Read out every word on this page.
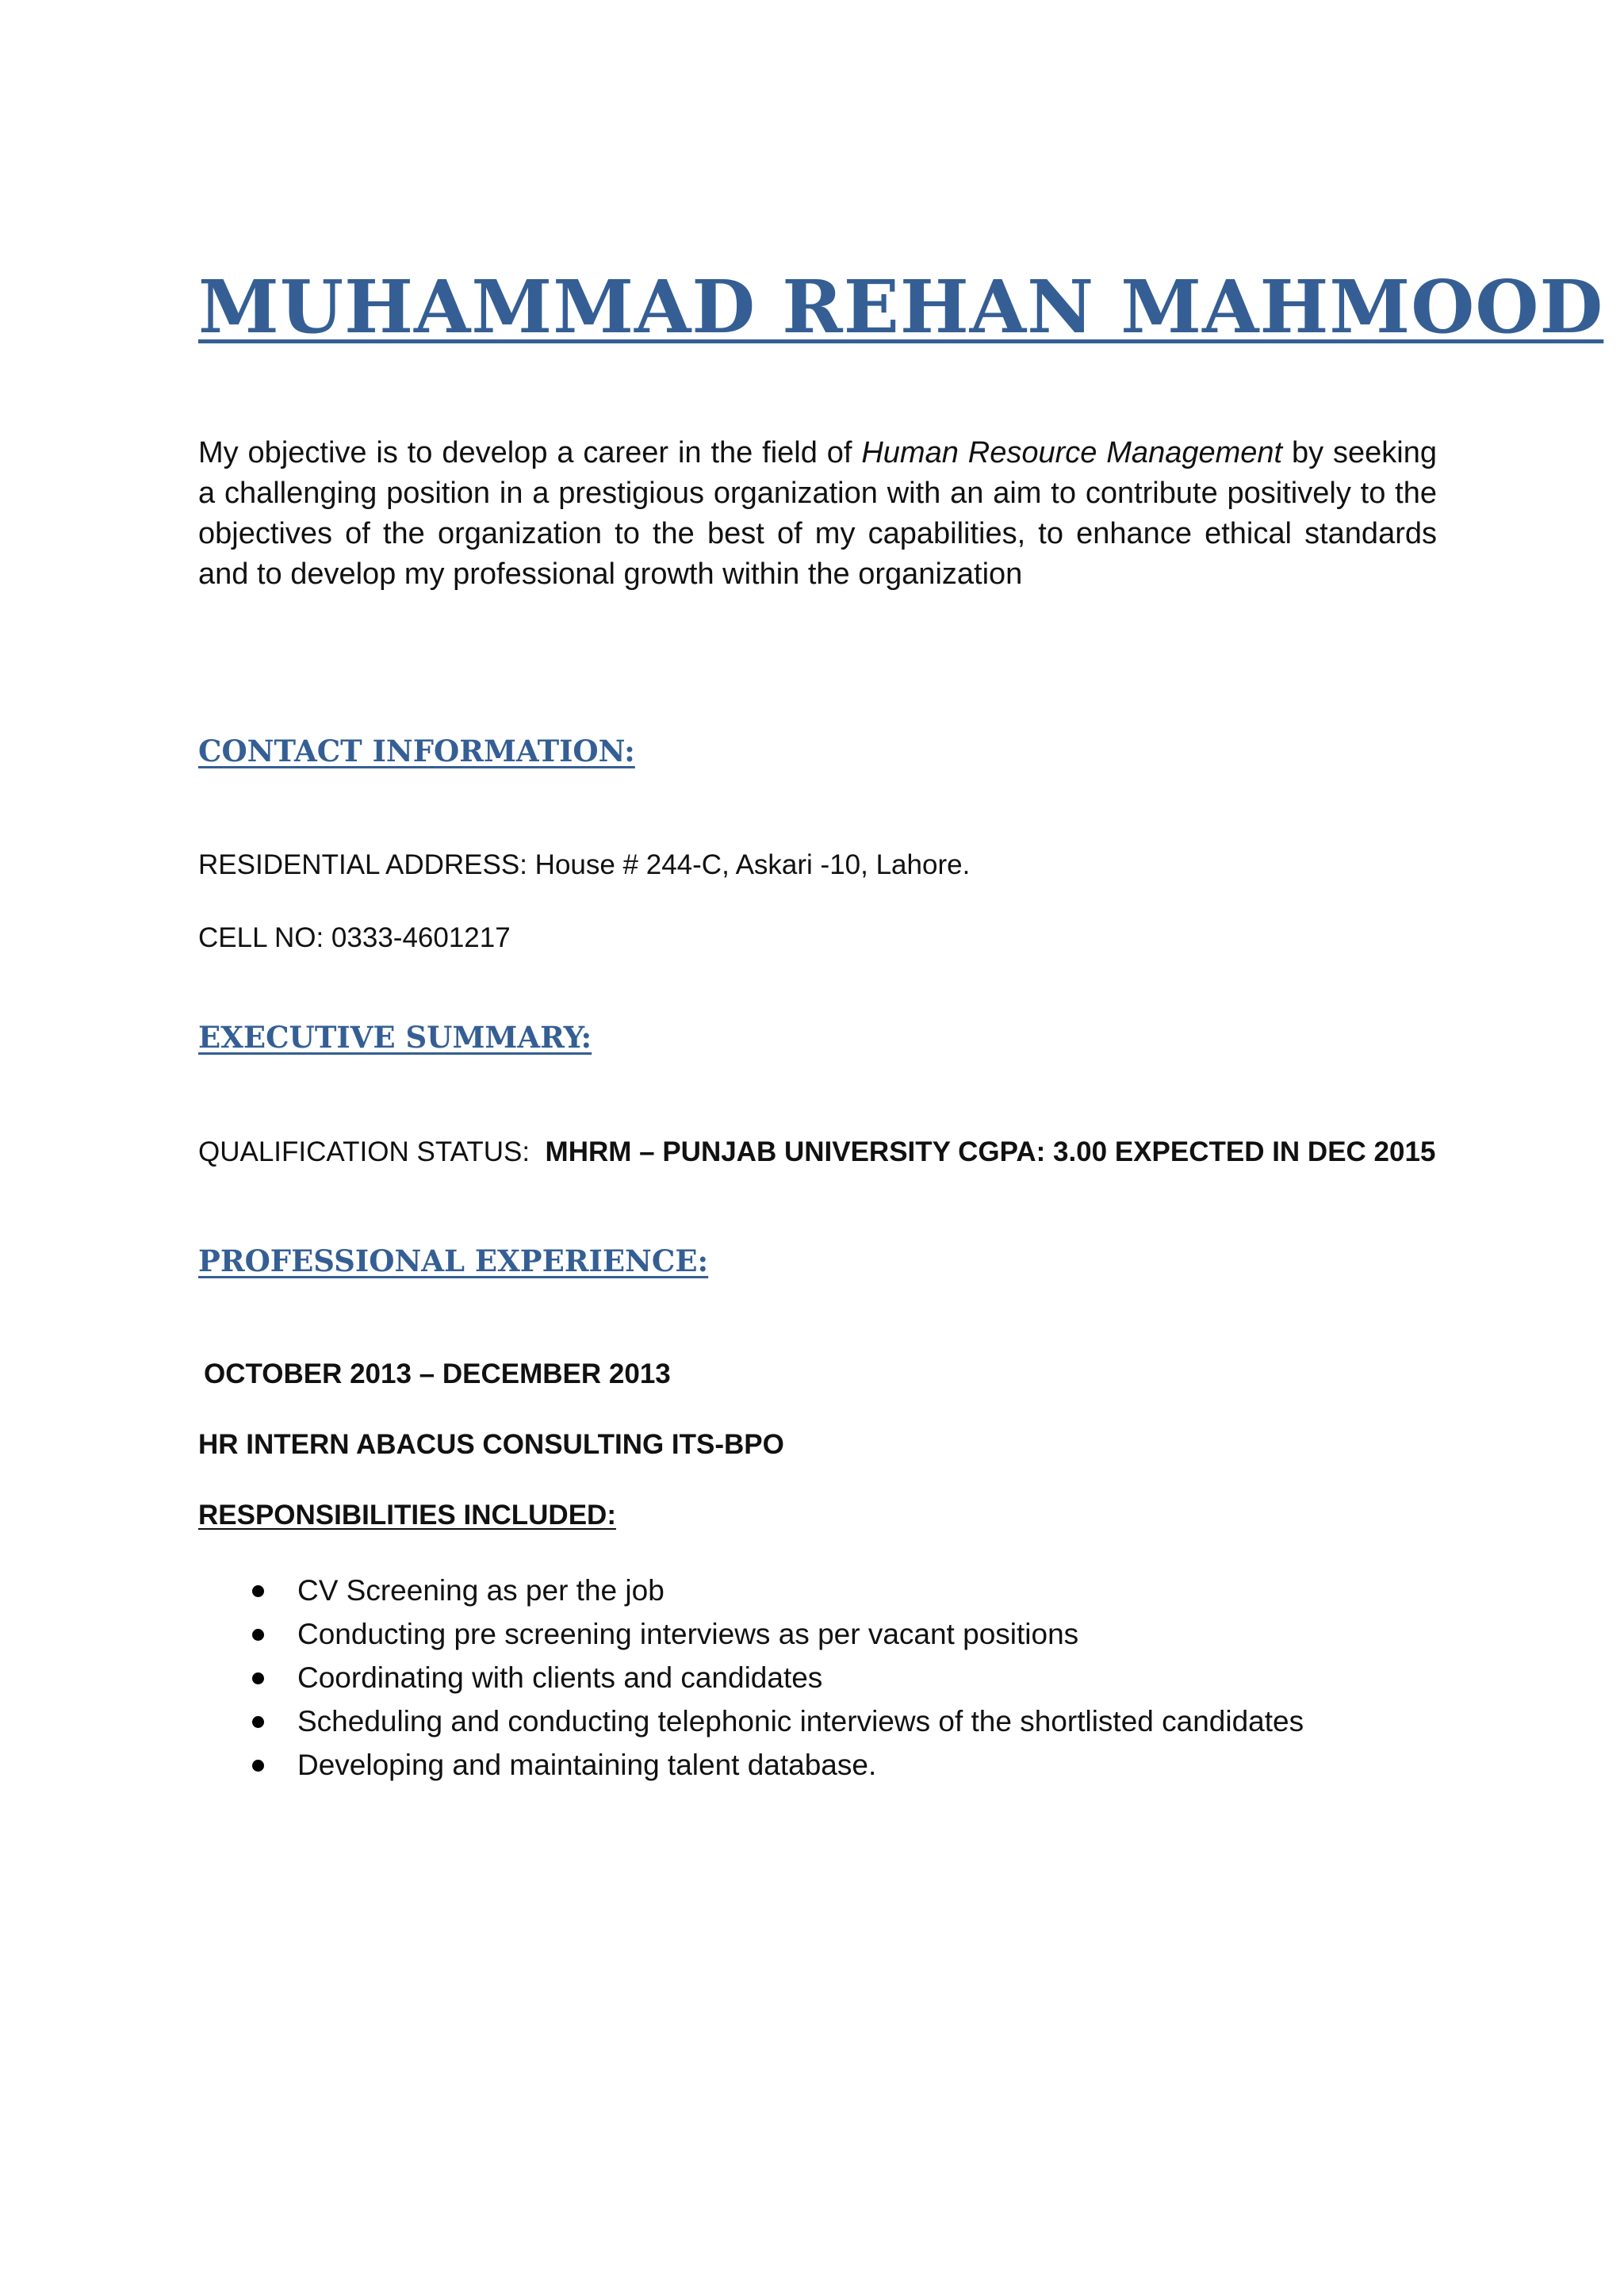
MUHAMMAD REHAN MAHMOOD

My objective is to develop a career in the field of Human Resource Management by seeking a challenging position in a prestigious organization with an aim to contribute positively to the objectives of the organization to the best of my capabilities, to enhance ethical standards and to develop my professional growth within the organization

CONTACT INFORMATION:

RESIDENTIAL ADDRESS: House # 244-C, Askari -10, Lahore.

CELL NO: 0333-4601217

EXECUTIVE SUMMARY:

QUALIFICATION STATUS: MHRM – PUNJAB UNIVERSITY CGPA: 3.00 EXPECTED IN DEC 2015

PROFESSIONAL EXPERIENCE:

OCTOBER 2013 – DECEMBER 2013

HR INTERN ABACUS CONSULTING ITS-BPO

RESPONSIBILITIES INCLUDED:

CV Screening as per the job
Conducting pre screening interviews as per vacant positions
Coordinating with clients and candidates
Scheduling and conducting telephonic interviews of the shortlisted candidates
Developing and maintaining talent database.
